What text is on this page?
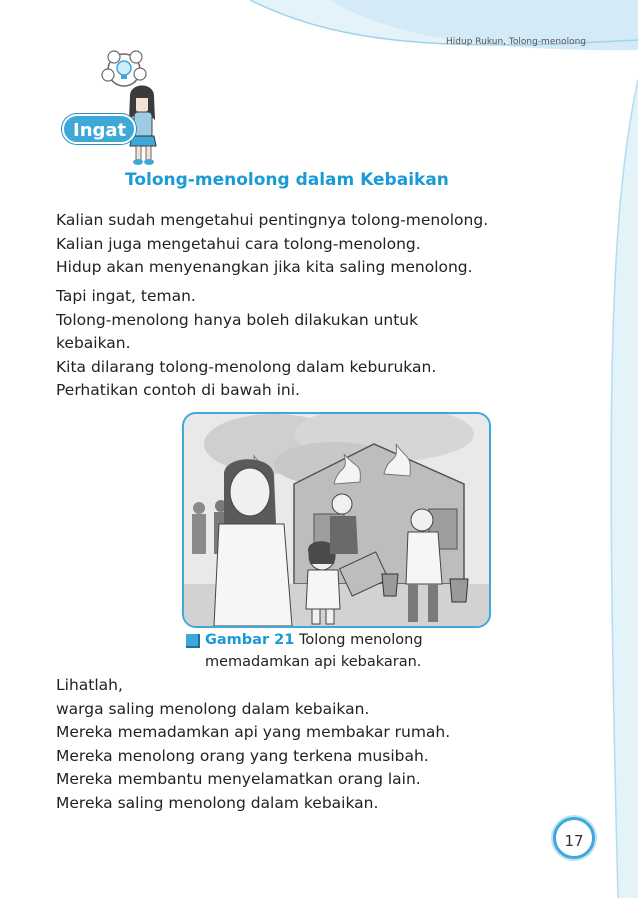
Hidup Rukun, Tolong-menolong
Ingat
Tolong-menolong dalam Kebaikan
Kalian sudah mengetahui pentingnya tolong-menolong.
Kalian juga mengetahui cara tolong-menolong.
Hidup akan menyenangkan jika kita saling menolong.
Tapi ingat, teman.
Tolong-menolong hanya boleh dilakukan untuk
kebaikan.
Kita dilarang tolong-menolong dalam keburukan.
Perhatikan contoh di bawah ini.
Gambar 21 Tolong menolong
memadamkan api kebakaran.
Lihatlah,
warga saling menolong dalam kebaikan.
Mereka memadamkan api yang membakar rumah.
Mereka menolong orang yang terkena musibah.
Mereka membantu menyelamatkan orang lain.
Mereka saling menolong dalam kebaikan.
17
